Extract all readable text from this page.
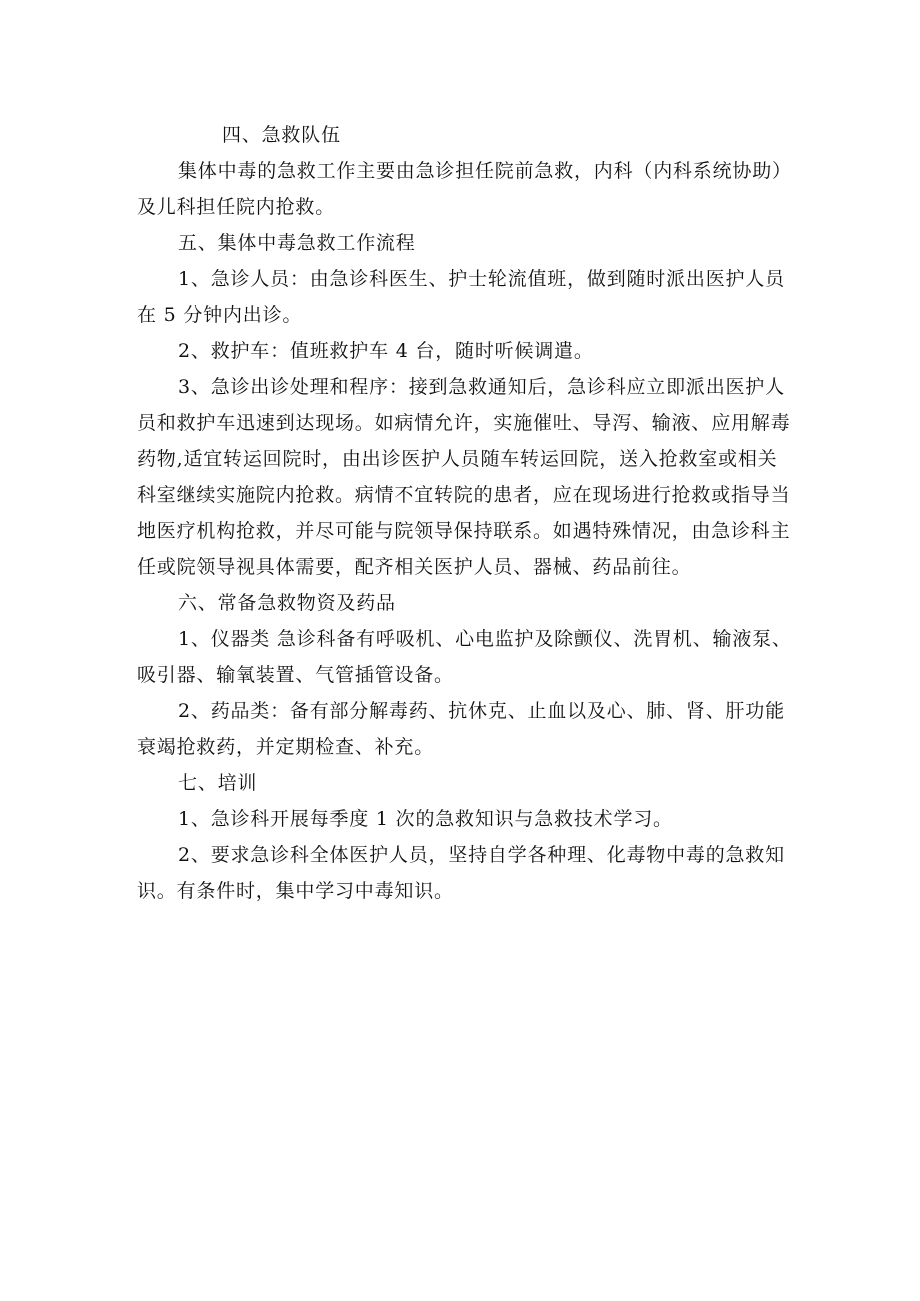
四、急救队伍
集体中毒的急救工作主要由急诊担任院前急救，内科（内科系统协助）
及儿科担任院内抢救。
五、集体中毒急救工作流程
1、急诊人员：由急诊科医生、护士轮流值班，做到随时派出医护人员
在 5 分钟内出诊。
2、救护车：值班救护车 4 台，随时听候调遣。
3、急诊出诊处理和程序：接到急救通知后，急诊科应立即派出医护人
员和救护车迅速到达现场。如病情允许，实施催吐、导泻、输液、应用解毒
药物,适宜转运回院时，由出诊医护人员随车转运回院，送入抢救室或相关
科室继续实施院内抢救。病情不宜转院的患者，应在现场进行抢救或指导当
地医疗机构抢救，并尽可能与院领导保持联系。如遇特殊情况，由急诊科主
任或院领导视具体需要，配齐相关医护人员、器械、药品前往。
六、常备急救物资及药品
1、仪器类 急诊科备有呼吸机、心电监护及除颤仪、洗胃机、输液泵、
吸引器、输氧装置、气管插管设备。
2、药品类：备有部分解毒药、抗休克、止血以及心、肺、肾、肝功能
衰竭抢救药，并定期检查、补充。
七、培训
1、急诊科开展每季度 1 次的急救知识与急救技术学习。
2、要求急诊科全体医护人员，坚持自学各种理、化毒物中毒的急救知
识。有条件时，集中学习中毒知识。
